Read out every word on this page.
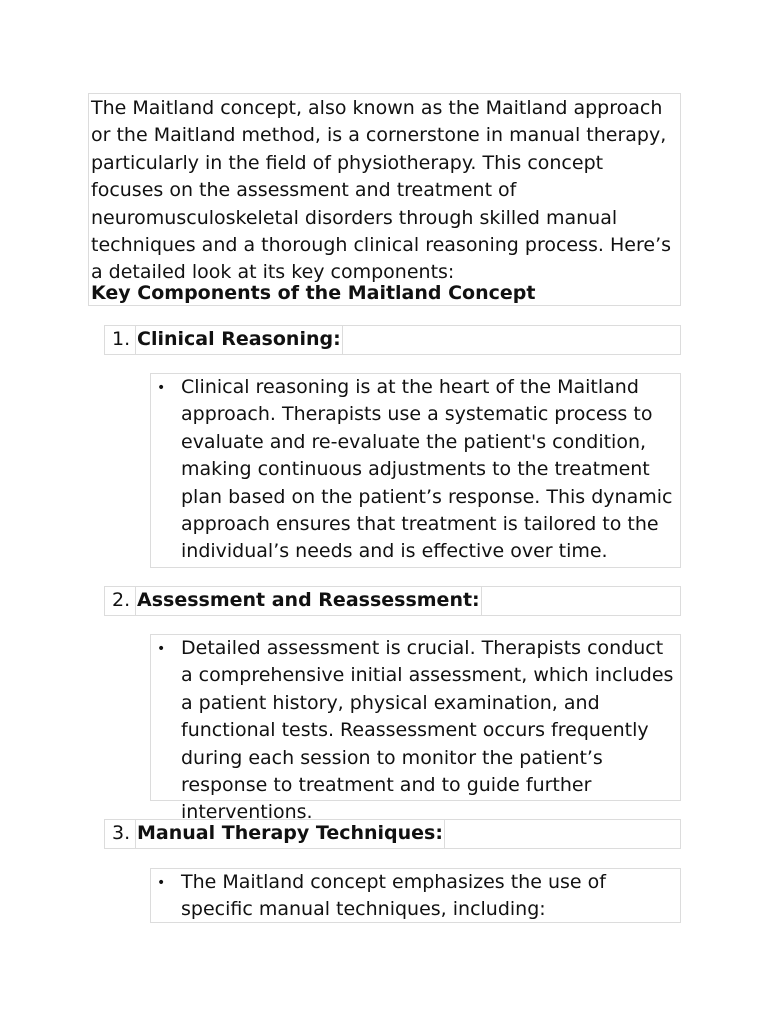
The Maitland concept, also known as the Maitland approach or the Maitland method, is a cornerstone in manual therapy, particularly in the field of physiotherapy. This concept focuses on the assessment and treatment of neuromusculoskeletal disorders through skilled manual techniques and a thorough clinical reasoning process. Here’s a detailed look at its key components:

Key Components of the Maitland Concept
1. Clinical Reasoning:
• Clinical reasoning is at the heart of the Maitland approach. Therapists use a systematic process to evaluate and re-evaluate the patient's condition, making continuous adjustments to the treatment plan based on the patient’s response. This dynamic approach ensures that treatment is tailored to the individual’s needs and is effective over time.

2. Assessment and Reassessment:
• Detailed assessment is crucial. Therapists conduct a comprehensive initial assessment, which includes a patient history, physical examination, and functional tests. Reassessment occurs frequently during each session to monitor the patient’s response to treatment and to guide further interventions.

3. Manual Therapy Techniques:
• The Maitland concept emphasizes the use of specific manual techniques, including:
